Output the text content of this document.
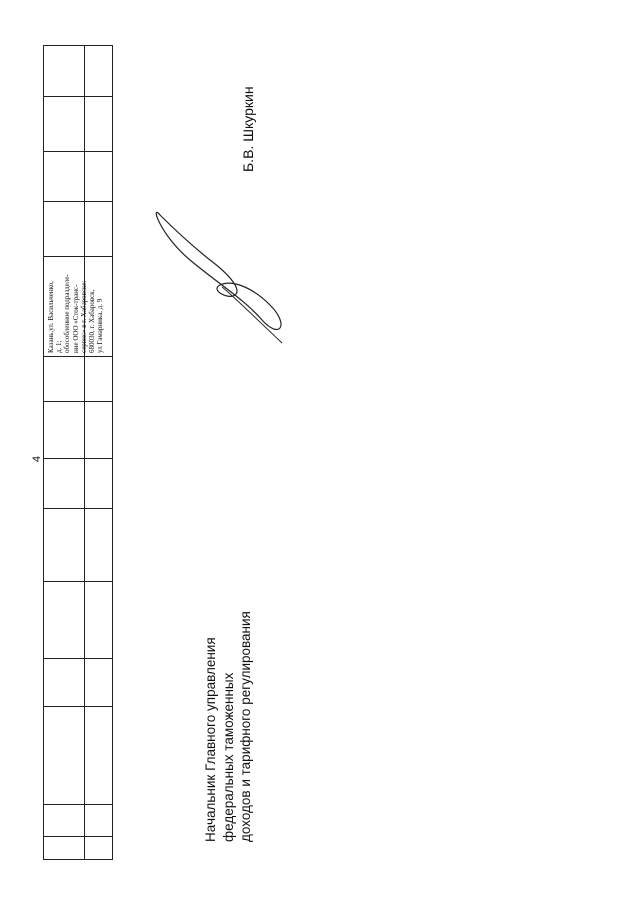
4
Казань,ул. Васильченко, д. 1; обособленное подразделе- ние ООО «Сток-транс- сервис» в г. Хабаровске: 680030, г. Хабаровск, ул Гамарника, д. 9
Б.В. Шкуркин
Начальник Главного управления федеральных таможенных доходов и тарифного регулирования
